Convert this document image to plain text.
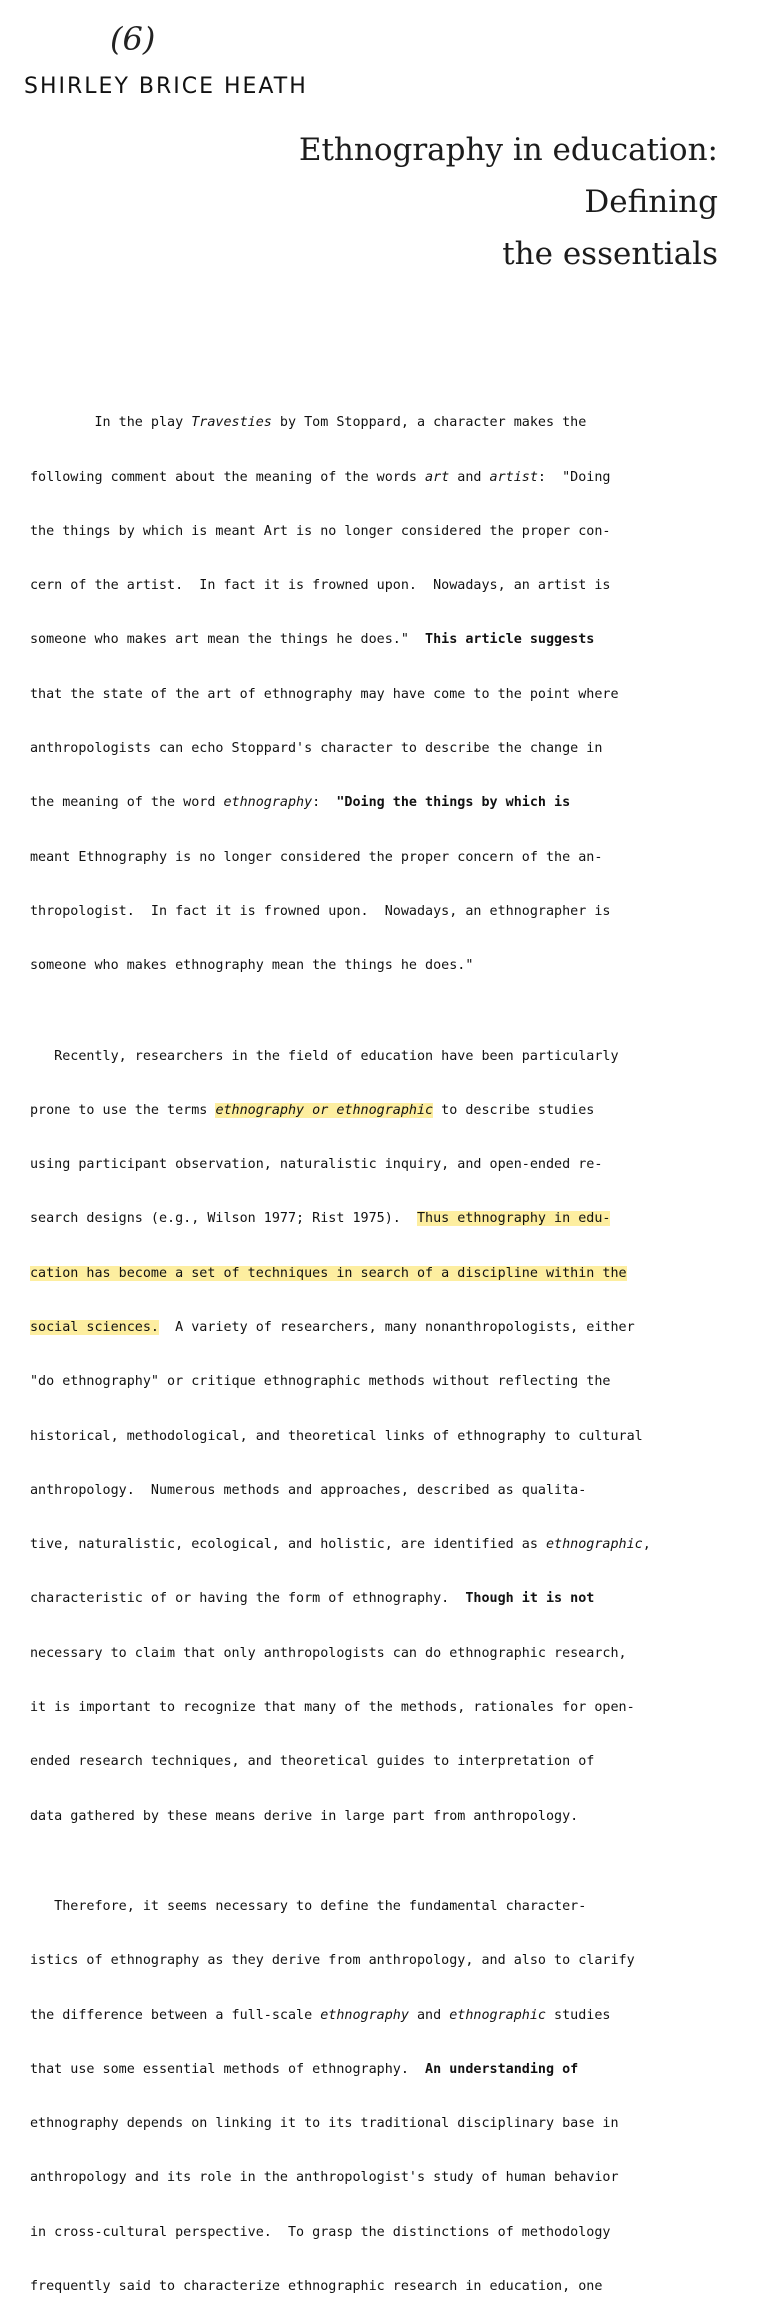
(6)
SHIRLEY BRICE HEATH
Ethnography in education:
Defining
the essentials

In the play Travesties by Tom Stoppard, a character makes the

following comment about the meaning of the words art and artist:  "Doing

the things by which is meant Art is no longer considered the proper con-

cern of the artist.  In fact it is frowned upon.  Nowadays, an artist is

someone who makes art mean the things he does."  This article suggests

that the state of the art of ethnography may have come to the point where

anthropologists can echo Stoppard's character to describe the change in

the meaning of the word ethnography:  "Doing the things by which is

meant Ethnography is no longer considered the proper concern of the an-

thropologist.  In fact it is frowned upon.  Nowadays, an ethnographer is

someone who makes ethnography mean the things he does."

Recently, researchers in the field of education have been particularly

prone to use the terms ethnography or ethnographic to describe studies

using participant observation, naturalistic inquiry, and open-ended re-

search designs (e.g., Wilson 1977; Rist 1975).  Thus ethnography in edu-

cation has become a set of techniques in search of a discipline within the

social sciences.  A variety of researchers, many nonanthropologists, either

"do ethnography" or critique ethnographic methods without reflecting the

historical, methodological, and theoretical links of ethnography to cultural

anthropology.  Numerous methods and approaches, described as qualita-

tive, naturalistic, ecological, and holistic, are identified as ethnographic,

characteristic of or having the form of ethnography.  Though it is not

necessary to claim that only anthropologists can do ethnographic research,

it is important to recognize that many of the methods, rationales for open-

ended research techniques, and theoretical guides to interpretation of

data gathered by these means derive in large part from anthropology.

Therefore, it seems necessary to define the fundamental character-

istics of ethnography as they derive from anthropology, and also to clarify

the difference between a full-scale ethnography and ethnographic studies

that use some essential methods of ethnography.  An understanding of

ethnography depends on linking it to its traditional disciplinary base in

anthropology and its role in the anthropologist's study of human behavior

in cross-cultural perspective.  To grasp the distinctions of methodology

frequently said to characterize ethnographic research in education, one
